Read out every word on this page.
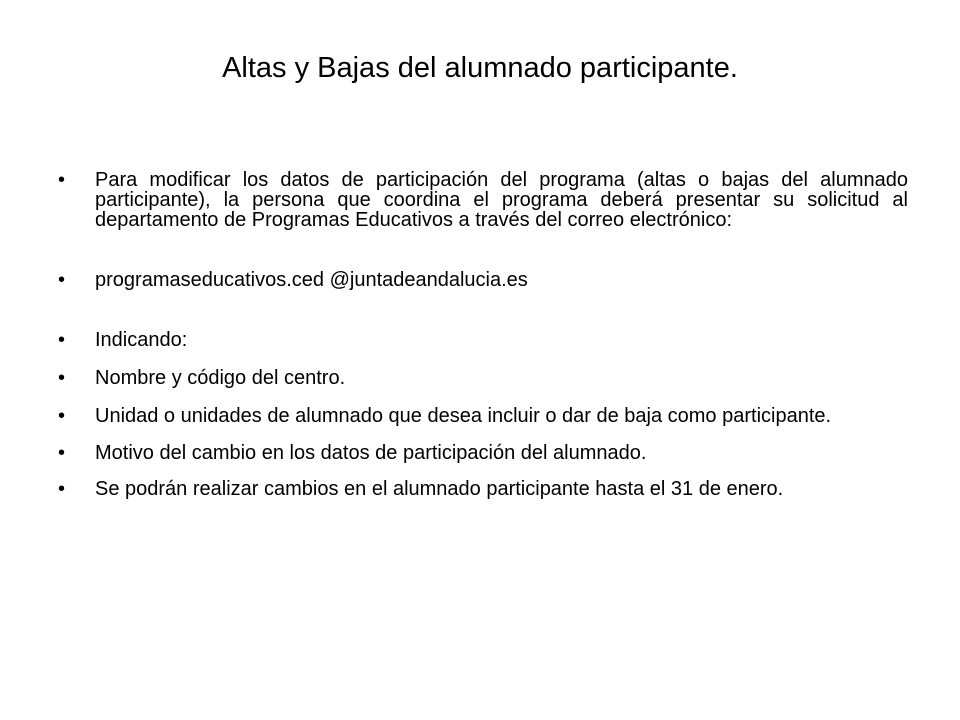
Altas y Bajas del alumnado participante.
• Para modificar los datos de participación del programa (altas o bajas del alumnado participante), la persona que coordina el programa deberá presentar su solicitud al departamento de Programas Educativos a través del correo electrónico:
• programaseducativos.ced @juntadeandalucia.es
• Indicando:
• Nombre y código del centro.
• Unidad o unidades de alumnado que desea incluir o dar de baja como participante.
• Motivo del cambio en los datos de participación del alumnado.
• Se podrán realizar cambios en el alumnado participante hasta el 31 de enero.
